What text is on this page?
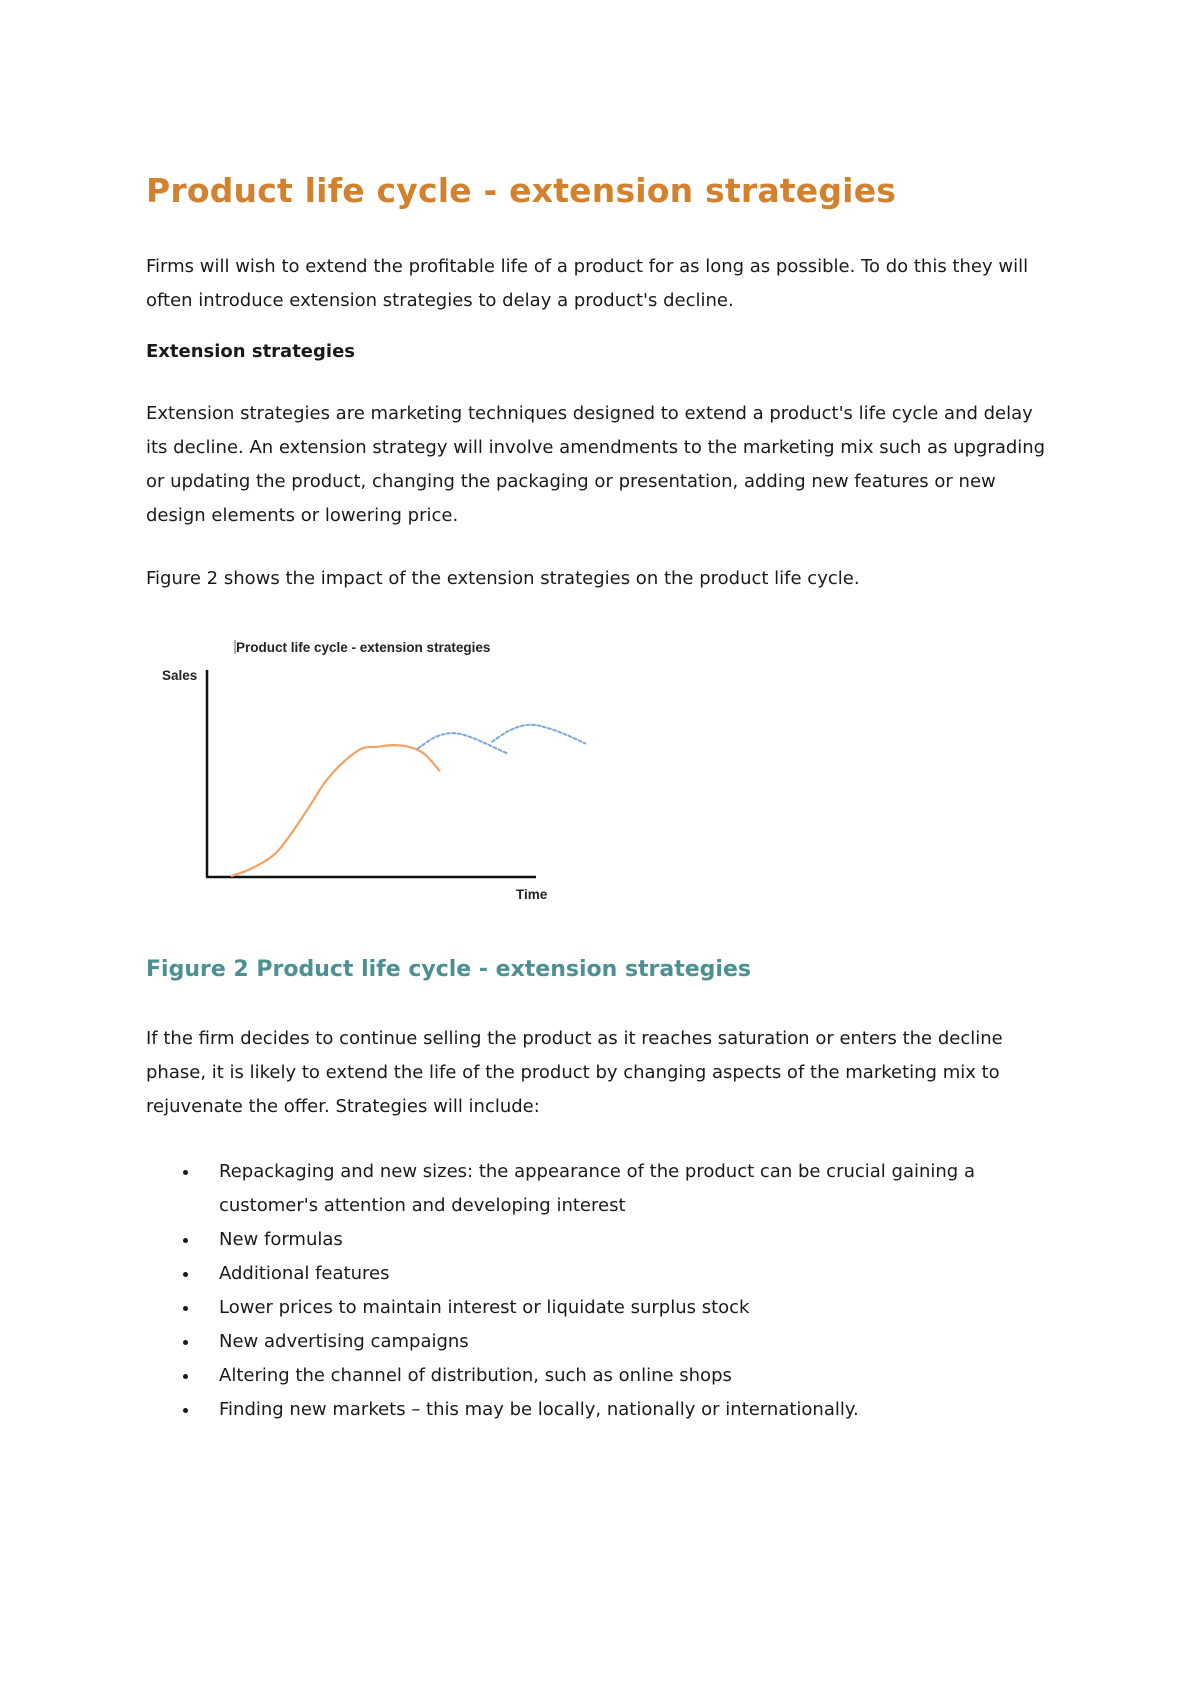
Product life cycle - extension strategies

Firms will wish to extend the profitable life of a product for as long as possible. To do this they will often introduce extension strategies to delay a product's decline.

Extension strategies

Extension strategies are marketing techniques designed to extend a product's life cycle and delay its decline. An extension strategy will involve amendments to the marketing mix such as upgrading or updating the product, changing the packaging or presentation, adding new features or new design elements or lowering price.

Figure 2 shows the impact of the extension strategies on the product life cycle.

Product life cycle - extension strategies
Sales
Time
Figure 2 Product life cycle - extension strategies

If the firm decides to continue selling the product as it reaches saturation or enters the decline phase, it is likely to extend the life of the product by changing aspects of the marketing mix to rejuvenate the offer. Strategies will include:

Repackaging and new sizes: the appearance of the product can be crucial gaining a customer's attention and developing interest
New formulas
Additional features
Lower prices to maintain interest or liquidate surplus stock
New advertising campaigns
Altering the channel of distribution, such as online shops
Finding new markets – this may be locally, nationally or internationally.
